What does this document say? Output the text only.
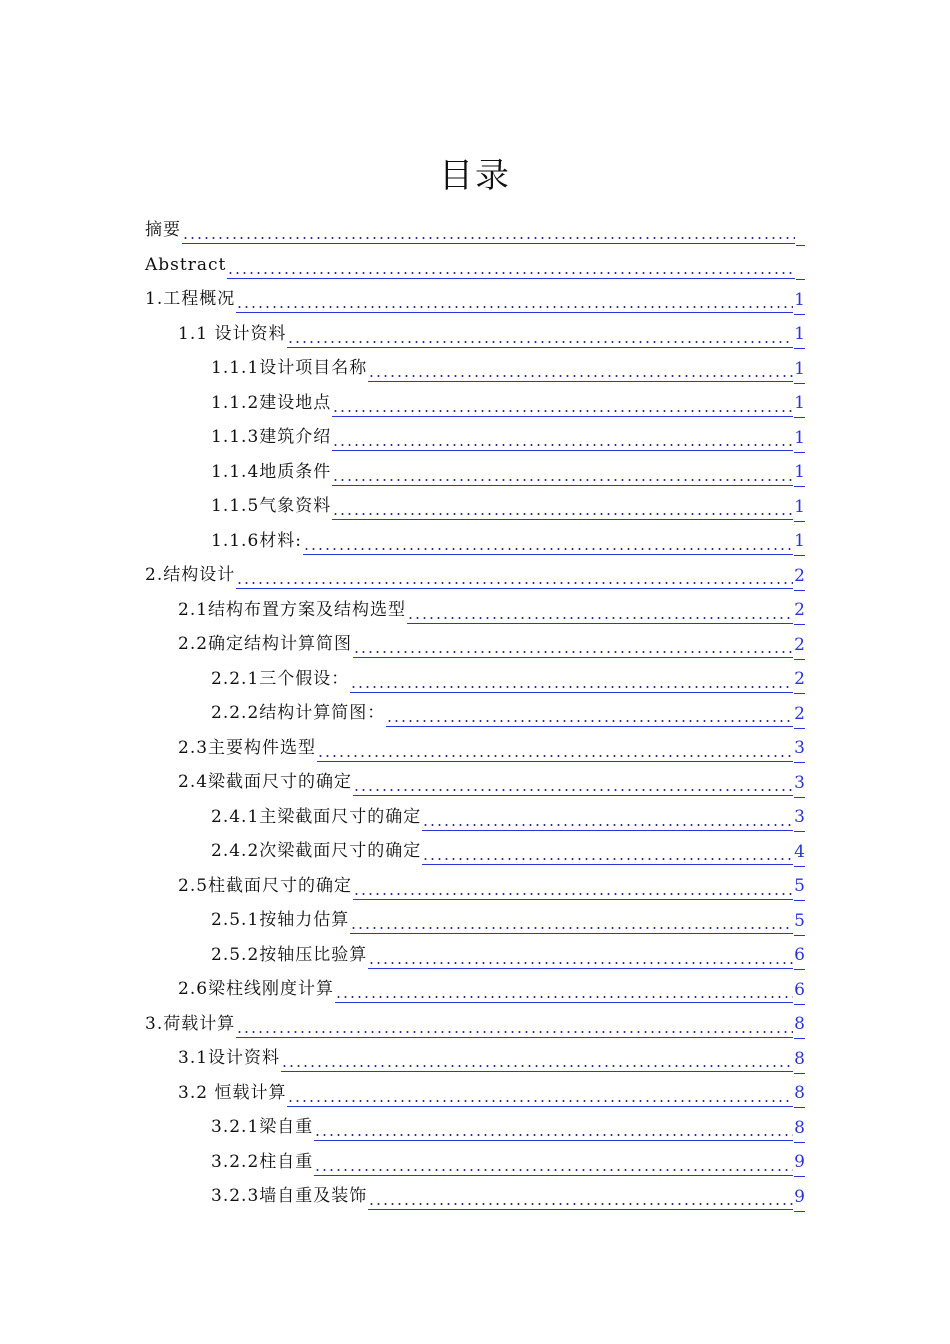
目录
摘要
Abstract
1.工程概况	1
1.1 设计资料	1
1.1.1设计项目名称	1
1.1.2建设地点	1
1.1.3建筑介绍	1
1.1.4地质条件	1
1.1.5气象资料	1
1.1.6材料:	1
2.结构设计	2
2.1结构布置方案及结构选型	2
2.2确定结构计算简图	2
2.2.1三个假设：	2
2.2.2结构计算简图：	2
2.3主要构件选型	3
2.4梁截面尺寸的确定	3
2.4.1主梁截面尺寸的确定	3
2.4.2次梁截面尺寸的确定	4
2.5柱截面尺寸的确定	5
2.5.1按轴力估算	5
2.5.2按轴压比验算	6
2.6梁柱线刚度计算	6
3.荷载计算	8
3.1设计资料	8
3.2 恒载计算	8
3.2.1梁自重	8
3.2.2柱自重	9
3.2.3墙自重及装饰	9
